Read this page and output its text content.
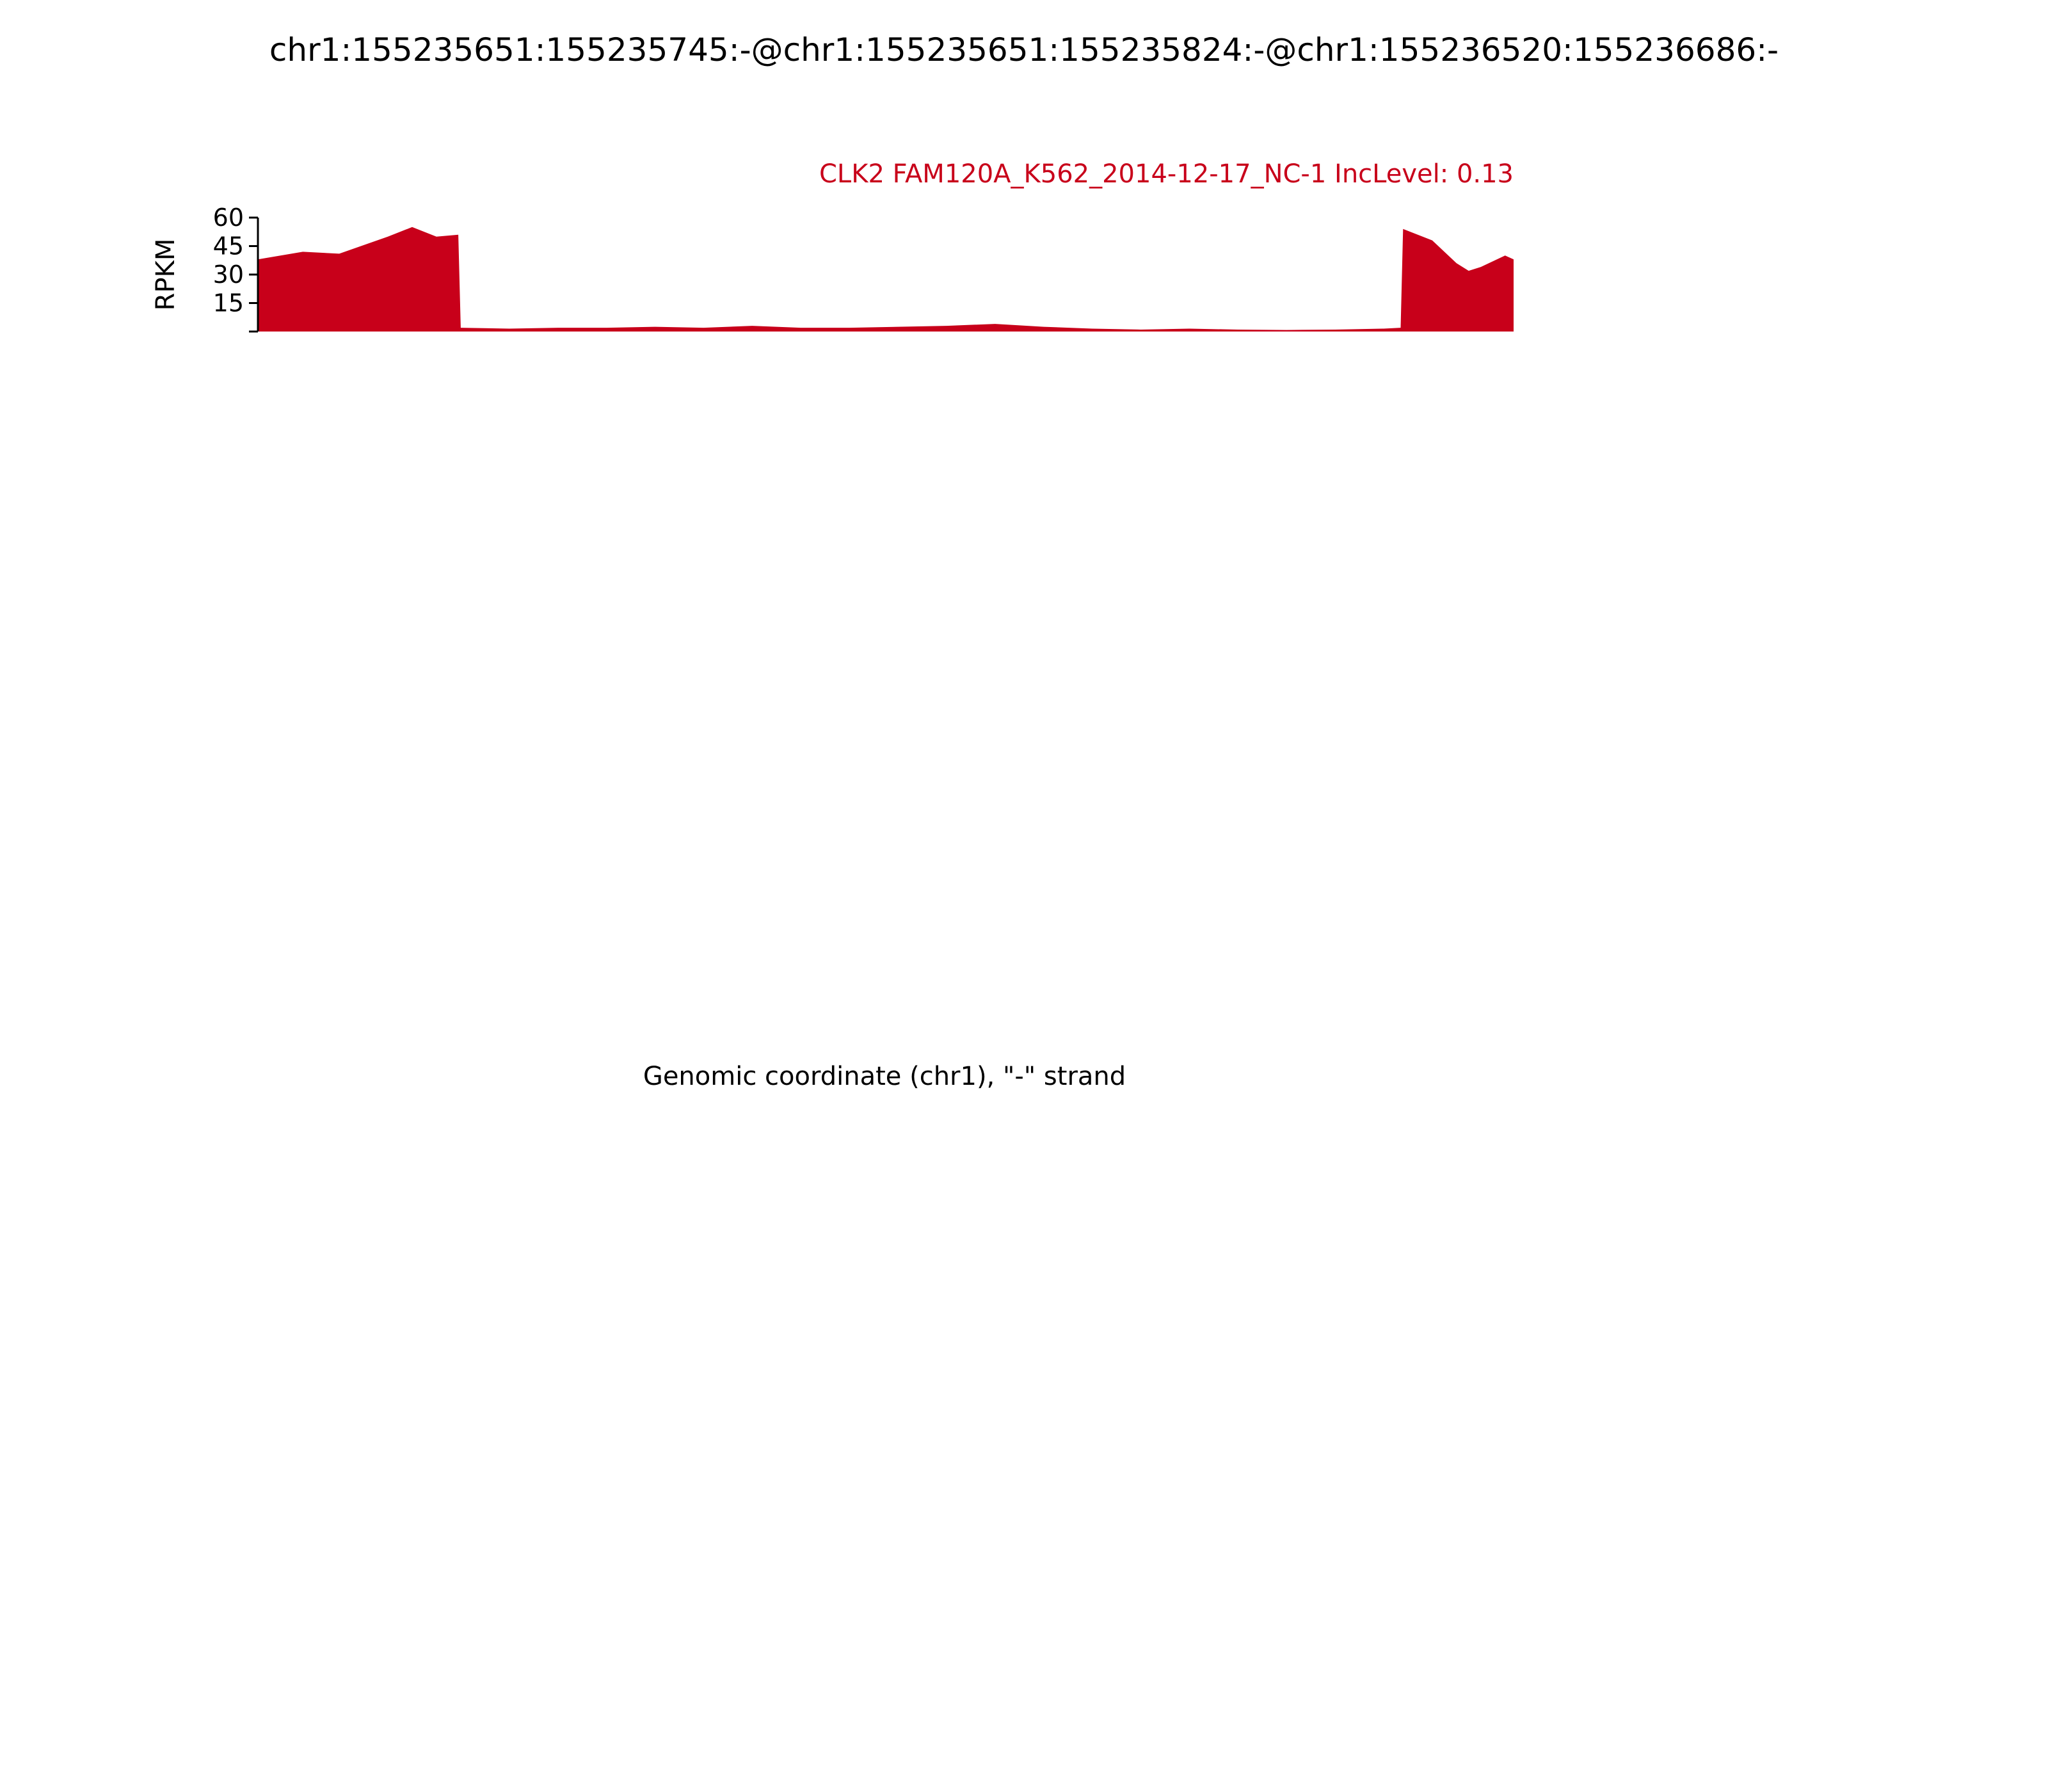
chr1:155235651:155235745:-@chr1:155235651:155235824:-@chr1:155236520:155236686:-
15
30
45
60
RPKM
CLK2 FAM120A_K562_2014-12-17_NC-1 IncLevel: 0.13
Genomic coordinate (chr1), "-" strand
